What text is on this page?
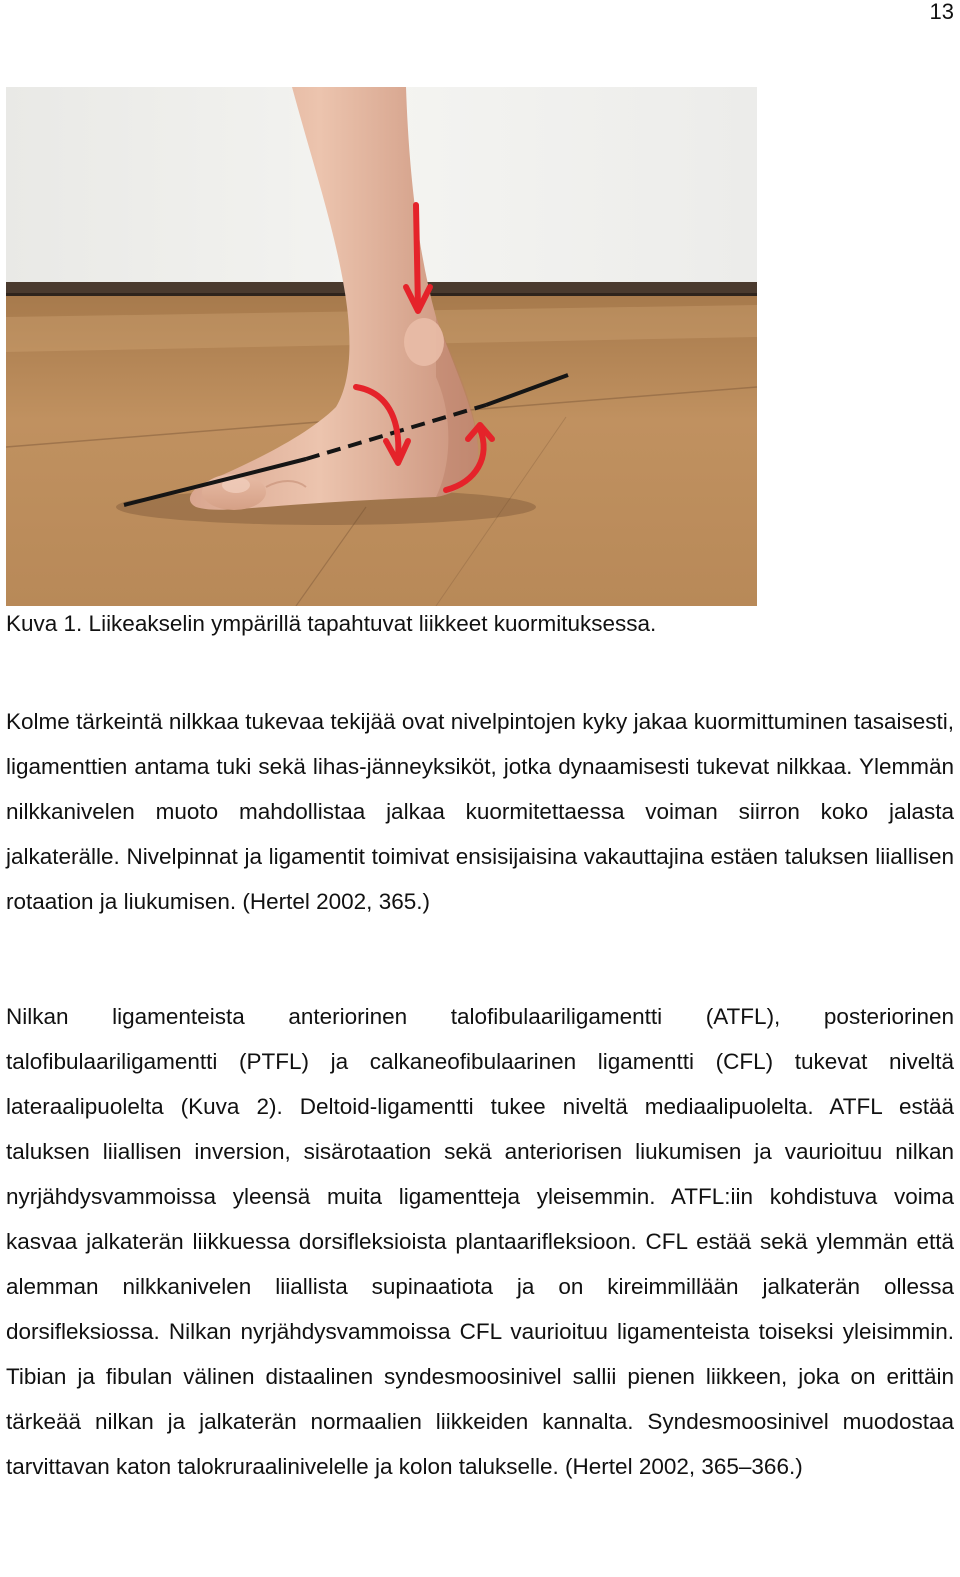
13
Kuva 1. Liikeakselin ympärillä tapahtuvat liikkeet kuormituksessa.

Kolme tärkeintä nilkkaa tukevaa tekijää ovat nivelpintojen kyky jakaa kuormittuminen tasaisesti, ligamenttien antama tuki sekä lihas-jänneyksiköt, jotka dynaamisesti tukevat nilkkaa. Ylemmän nilkkanivelen muoto mahdollistaa jalkaa kuormitettaessa voiman siirron koko jalasta jalkaterälle. Nivelpinnat ja ligamentit toimivat ensisijaisina vakauttajina estäen taluksen liiallisen rotaation ja liukumisen. (Hertel 2002, 365.)

Nilkan ligamenteista anteriorinen talofibulaariligamentti (ATFL), posteriorinen talofibulaariligamentti (PTFL) ja calkaneofibulaarinen ligamentti (CFL) tukevat niveltä lateraalipuolelta (Kuva 2). Deltoid-ligamentti tukee niveltä mediaalipuolelta. ATFL estää taluksen liiallisen inversion, sisärotaation sekä anteriorisen liukumisen ja vaurioituu nilkan nyrjähdysvammoissa yleensä muita ligamentteja yleisemmin. ATFL:iin kohdistuva voima kasvaa jalkaterän liikkuessa dorsifleksioista plantaarifleksioon. CFL estää sekä ylemmän että alemman nilkkanivelen liiallista supinaatiota ja on kireimmillään jalkaterän ollessa dorsifleksiossa. Nilkan nyrjähdysvammoissa CFL vaurioituu ligamenteista toiseksi yleisimmin. Tibian ja fibulan välinen distaalinen syndesmoosinivel sallii pienen liikkeen, joka on erittäin tärkeää nilkan ja jalkaterän normaalien liikkeiden kannalta. Syndesmoosinivel muodostaa tarvittavan katon talokruraalinivelelle ja kolon talukselle. (Hertel 2002, 365–366.)
